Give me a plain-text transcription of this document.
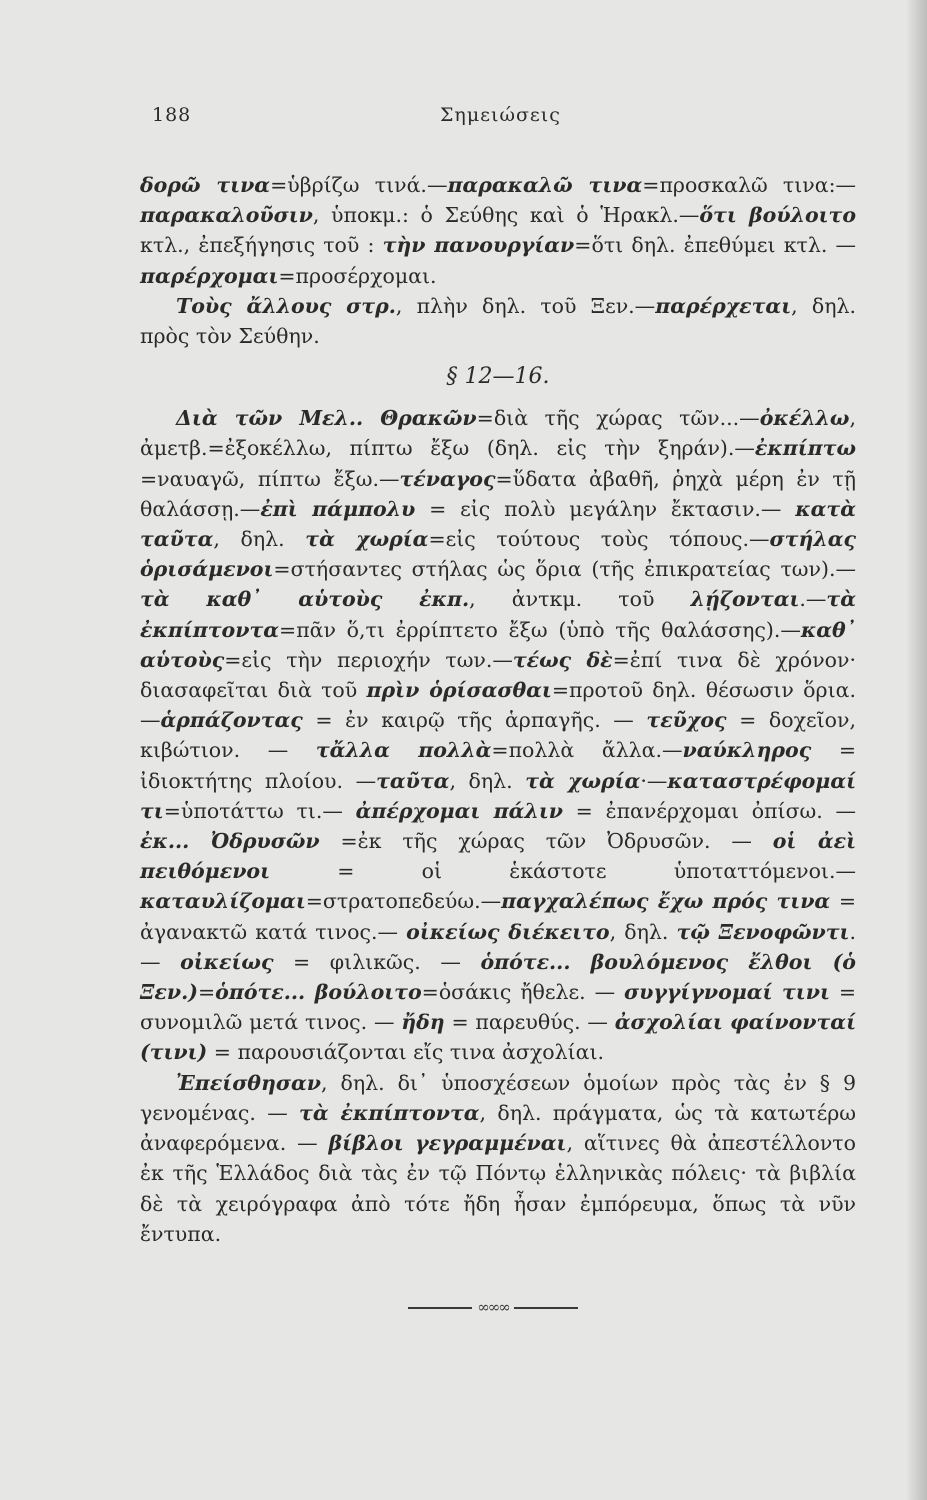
188	Σημειώσεις

δορῶ τινα=ὑβρίζω τινά.—παρακαλῶ τινα=προσκαλῶ τινα:—παρακαλοῦσιν, ὑποκμ.: ὁ Σεύθης καὶ ὁ Ἡρακλ.—ὅτι βούλοιτο κτλ., ἐπεξήγησις τοῦ : τὴν πανουργίαν=ὅτι δηλ. ἐπεθύμει κτλ. —παρέρχομαι=προσέρχομαι.

Τοὺς ἄλλους στρ., πλὴν δηλ. τοῦ Ξεν.—παρέρχεται, δηλ. πρὸς τὸν Σεύθην.

§ 12—16.

Διὰ τῶν Μελ.. Θρακῶν=διὰ τῆς χώρας τῶν...—ὀκέλλω, ἀμετβ.=ἐξοκέλλω, πίπτω ἔξω (δηλ. εἰς τὴν ξηράν).—ἐκπίπτω =ναυαγῶ, πίπτω ἔξω.—τέναγος=ὕδατα ἀβαθῆ, ῥηχὰ μέρη ἐν τῇ θαλάσσῃ.—ἐπὶ πάμπολυ = εἰς πολὺ μεγάλην ἔκτασιν.— κατὰ ταῦτα, δηλ. τὰ χωρία=εἰς τούτους τοὺς τόπους.—στήλας ὁρισάμενοι=στήσαντες στήλας ὡς ὅρια (τῆς ἐπικρατείας των).—τὰ καθ᾿ αὑτοὺς ἐκπ., ἀντκμ. τοῦ λῄζονται.—τὰ ἐκπίπτοντα=πᾶν ὅ,τι ἐρρίπτετο ἔξω (ὑπὸ τῆς θαλάσσης).—καθ᾿ αὑτοὺς=εἰς τὴν περιοχήν των.—τέως δὲ=ἐπί τινα δὲ χρόνον· διασαφεῖται διὰ τοῦ πρὶν ὁρίσασθαι=προτοῦ δηλ. θέσωσιν ὅρια.—ἁρπάζοντας = ἐν καιρῷ τῆς ἁρπαγῆς. — τεῦχος = δοχεῖον, κιβώτιον. — τἄλλα πολλὰ=πολλὰ ἄλλα.—ναύκληρος = ἰδιοκτήτης πλοίου. —ταῦτα, δηλ. τὰ χωρία·—καταστρέφομαί τι=ὑποτάττω τι.— ἀπέρχομαι πάλιν = ἐπανέρχομαι ὀπίσω. — ἐκ... Ὀδρυσῶν =ἐκ τῆς χώρας τῶν Ὀδρυσῶν. — οἱ ἀεὶ πειθόμενοι = οἱ ἑκάστοτε ὑποταττόμενοι.—καταυλίζομαι=στρατοπεδεύω.—παγχαλέπως ἔχω πρός τινα = ἀγανακτῶ κατά τινος.— οἰκείως διέκειτο, δηλ. τῷ Ξενοφῶντι. — οἰκείως = φιλικῶς. — ὁπότε... βουλόμενος ἔλθοι (ὁ Ξεν.)=ὁπότε... βούλοιτο=ὁσάκις ἤθελε. — συγγίγνομαί τινι = συνομιλῶ μετά τινος. — ἤδη = παρευθύς. — ἀσχολίαι φαίνονταί (τινι) = παρουσιάζονται εἴς τινα ἀσχολίαι.

Ἐπείσθησαν, δηλ. δι᾿ ὑποσχέσεων ὁμοίων πρὸς τὰς ἐν § 9 γενομένας. — τὰ ἐκπίπτοντα, δηλ. πράγματα, ὡς τὰ κατωτέρω ἀναφερόμενα. — βίβλοι γεγραμμέναι, αἵτινες θὰ ἀπεστέλλοντο ἐκ τῆς Ἑλλάδος διὰ τὰς ἐν τῷ Πόντῳ ἑλληνικὰς πόλεις· τὰ βιβλία δὲ τὰ χειρόγραφα ἀπὸ τότε ἤδη ἦσαν ἐμπόρευμα, ὅπως τὰ νῦν ἔντυπα.

∞∞∞
